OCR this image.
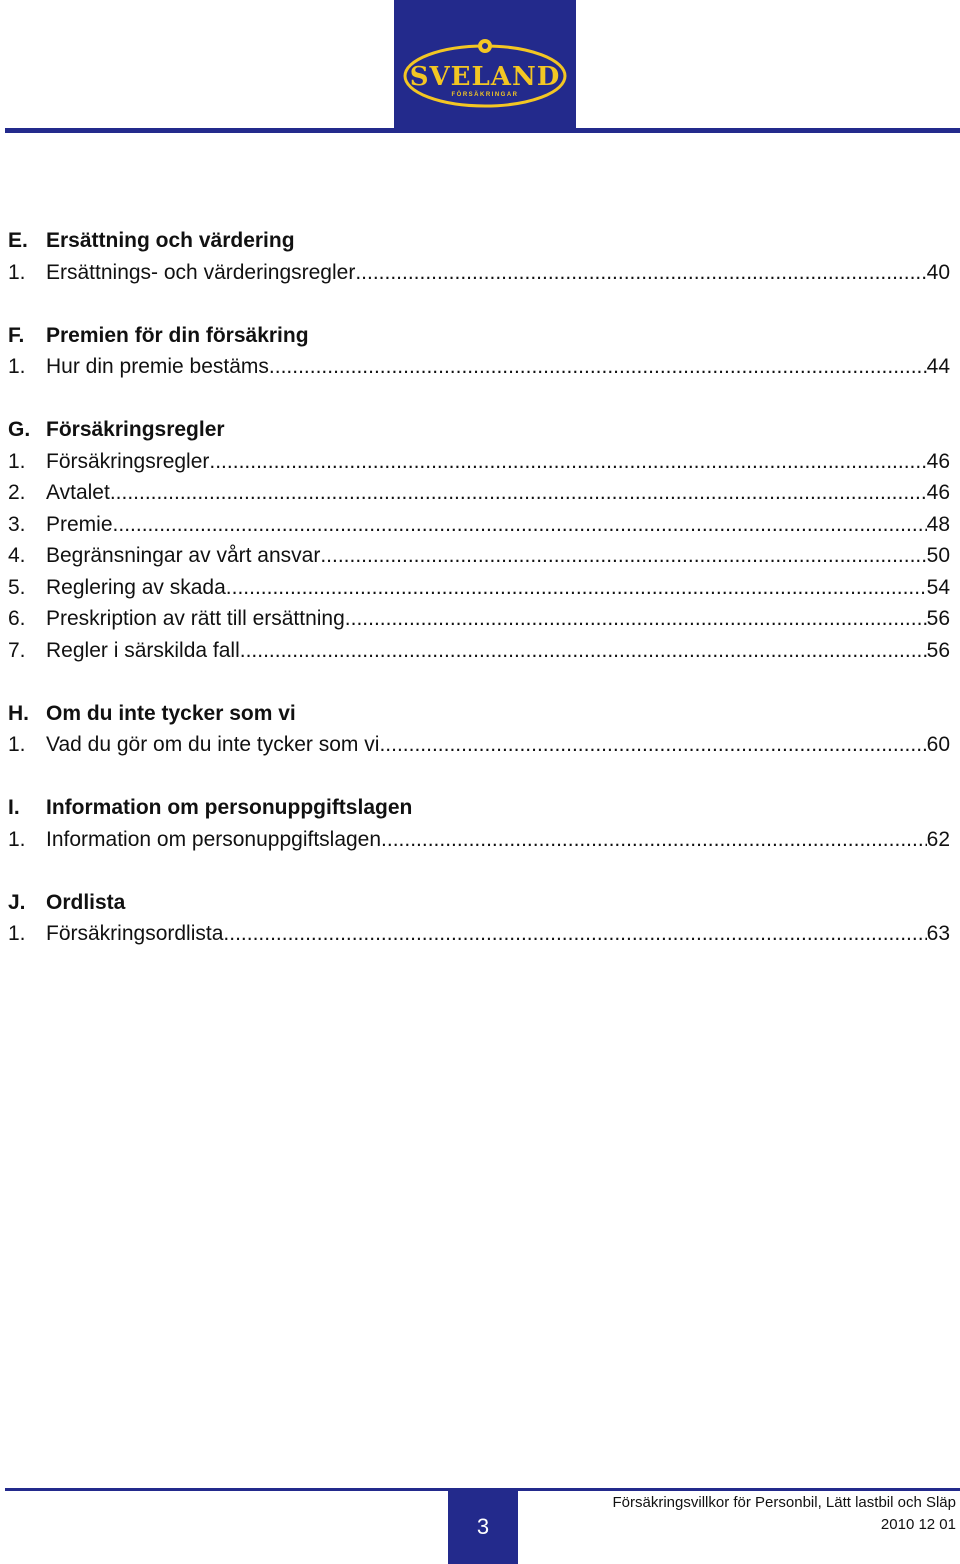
SVELAND
FÖRSÄKRINGAR
E. Ersättning och värdering
1. Ersättnings- och värderingsregler .....	40
F.	Premien för din försäkring
1. Hur din premie bestäms .....	44
G. Försäkringsregler
1. Försäkringsregler .....	46
2. Avtalet .....	46
3. Premie .....	48
4. Begränsningar av vårt ansvar .....	50
5. Reglering av skada .....	54
6. Preskription av rätt till ersättning .....	56
7. Regler i särskilda fall .....	56
H. Om du inte tycker som vi
1. Vad du gör om du inte tycker som vi .....	60
I.	Information om personuppgiftslagen
1. Information om personuppgiftslagen .....	62
J. Ordlista
1. Försäkringsordlista .....	63
3
Försäkringsvillkor för Personbil, Lätt lastbil och Släp
2010 12 01
